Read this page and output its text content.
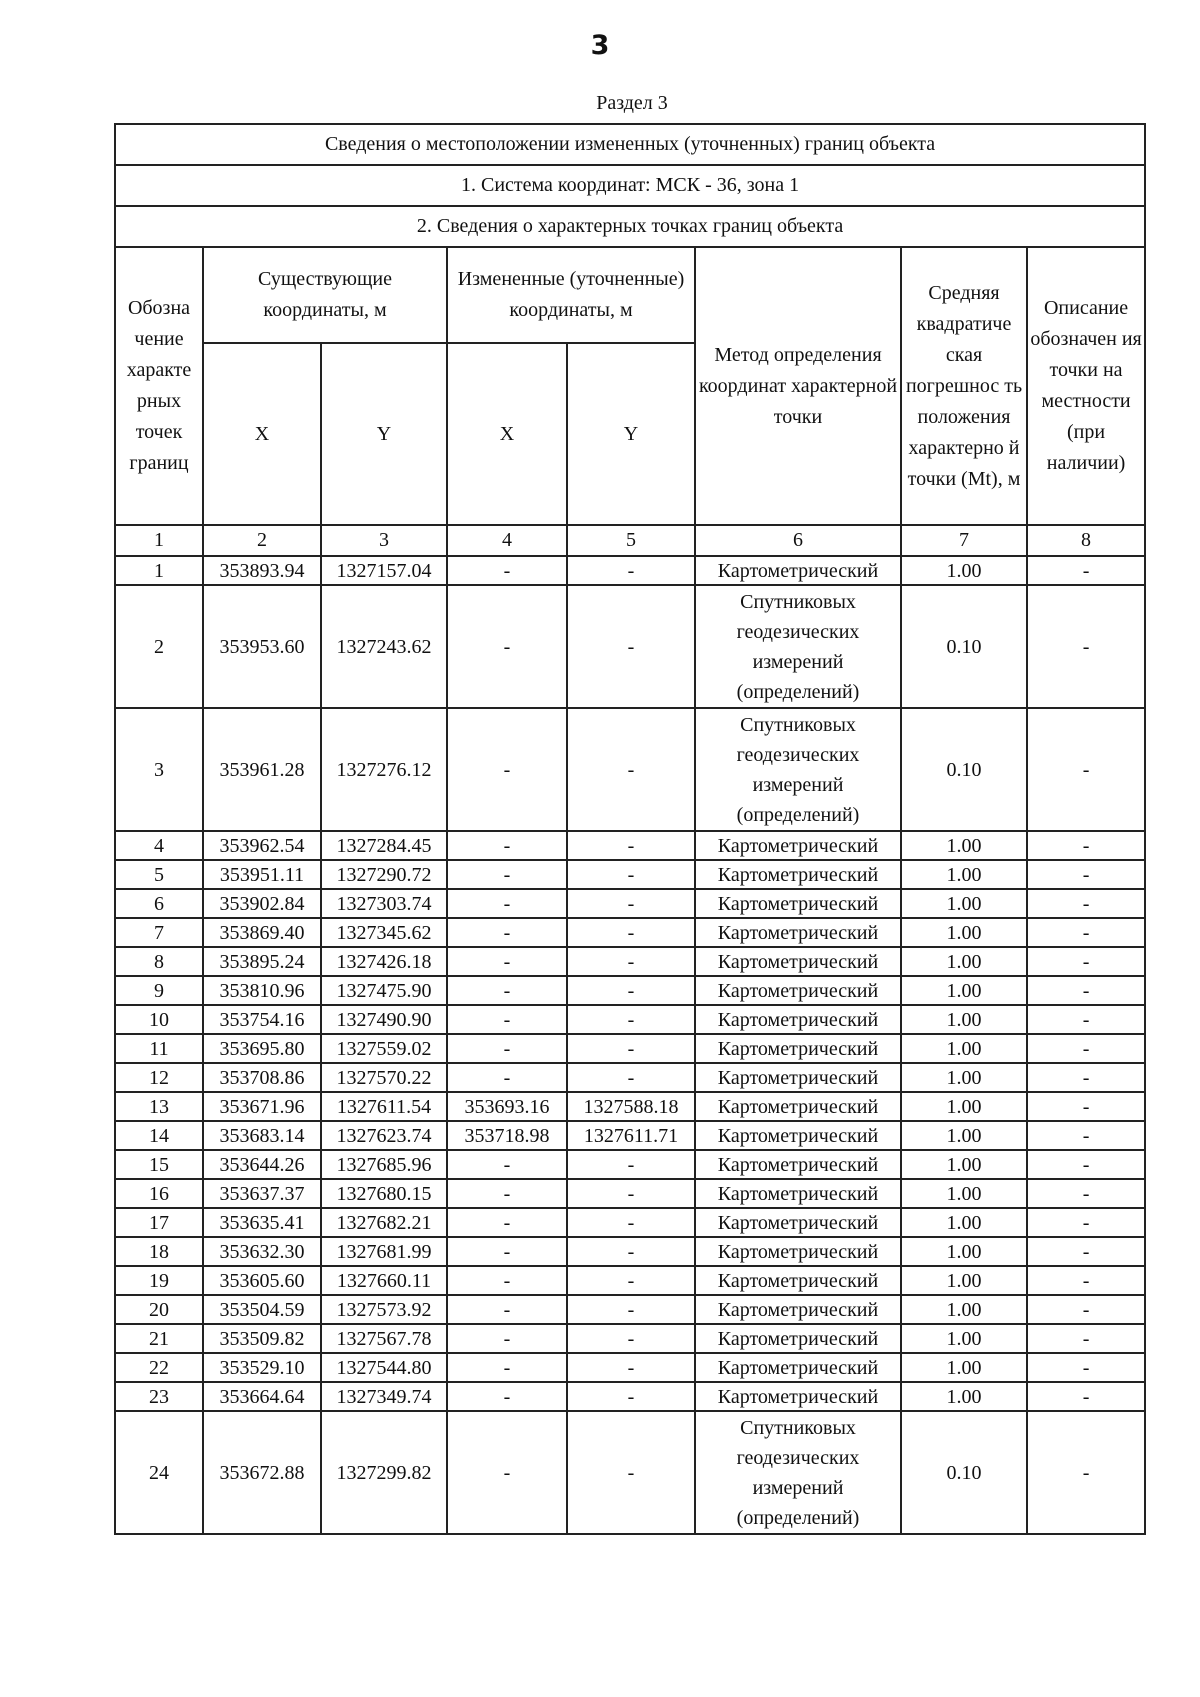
3
Раздел 3
Сведения о местоположении измененных (уточненных) границ объекта							
1. Система координат: МСК - 36, зона 1							
2. Сведения о характерных точках границ объекта							
Обозна чение характе рных точек границ	Существующие координаты, м		Измененные (уточненные) координаты, м		Метод определения координат характерной точки	Средняя квадратиче ская погрешнос ть положения характерно й точки (Mt), м	Описание обозначен ия точки на местности (при наличии)
	X	Y	X	Y			
1	2	3	4	5	6	7	8
1	353893.94	1327157.04	-	-	Картометрический	1.00	-
2	353953.60	1327243.62	-	-	Спутниковых геодезических измерений (определений)	0.10	-
3	353961.28	1327276.12	-	-	Спутниковых геодезических измерений (определений)	0.10	-
4	353962.54	1327284.45	-	-	Картометрический	1.00	-
5	353951.11	1327290.72	-	-	Картометрический	1.00	-
6	353902.84	1327303.74	-	-	Картометрический	1.00	-
7	353869.40	1327345.62	-	-	Картометрический	1.00	-
8	353895.24	1327426.18	-	-	Картометрический	1.00	-
9	353810.96	1327475.90	-	-	Картометрический	1.00	-
10	353754.16	1327490.90	-	-	Картометрический	1.00	-
11	353695.80	1327559.02	-	-	Картометрический	1.00	-
12	353708.86	1327570.22	-	-	Картометрический	1.00	-
13	353671.96	1327611.54	353693.16	1327588.18	Картометрический	1.00	-
14	353683.14	1327623.74	353718.98	1327611.71	Картометрический	1.00	-
15	353644.26	1327685.96	-	-	Картометрический	1.00	-
16	353637.37	1327680.15	-	-	Картометрический	1.00	-
17	353635.41	1327682.21	-	-	Картометрический	1.00	-
18	353632.30	1327681.99	-	-	Картометрический	1.00	-
19	353605.60	1327660.11	-	-	Картометрический	1.00	-
20	353504.59	1327573.92	-	-	Картометрический	1.00	-
21	353509.82	1327567.78	-	-	Картометрический	1.00	-
22	353529.10	1327544.80	-	-	Картометрический	1.00	-
23	353664.64	1327349.74	-	-	Картометрический	1.00	-
24	353672.88	1327299.82	-	-	Спутниковых геодезических измерений (определений)	0.10	-
